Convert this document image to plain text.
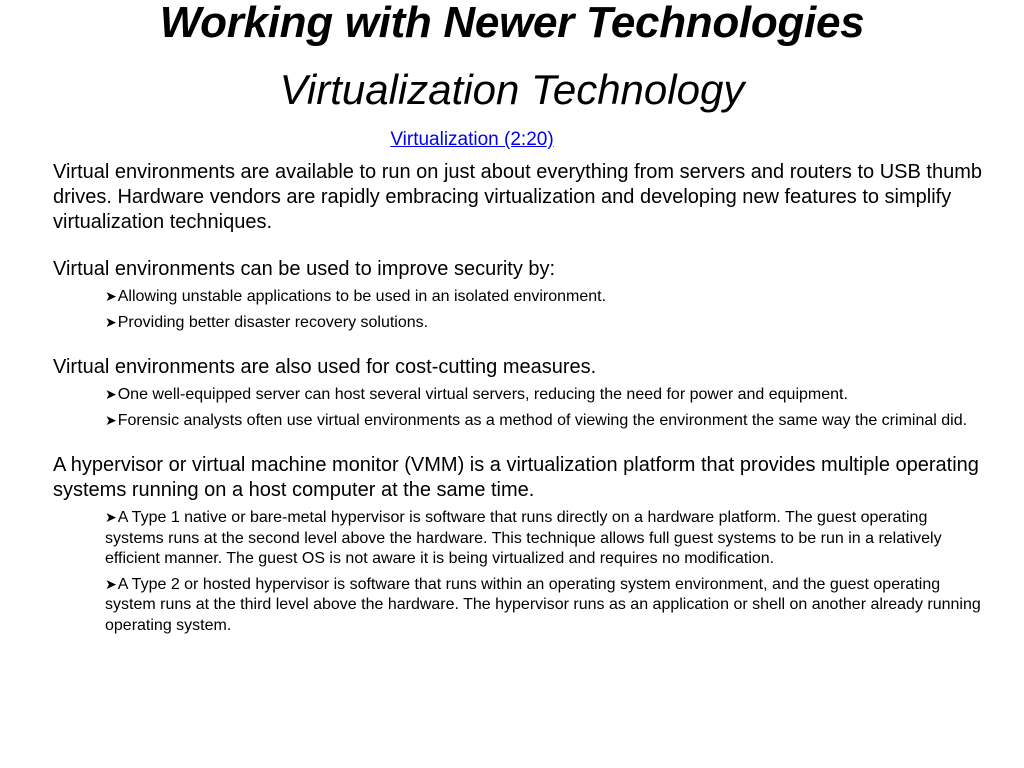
Working with Newer Technologies
Virtualization Technology
Virtualization (2:20)

Virtual environments are available to run on just about everything from servers and routers to USB thumb drives. Hardware vendors are rapidly embracing virtualization and developing new features to simplify virtualization techniques.

Virtual environments can be used to improve security by:

➤Allowing unstable applications to be used in an isolated environment.
➤Providing better disaster recovery solutions.

Virtual environments are also used for cost-cutting measures.

➤One well-equipped server can host several virtual servers, reducing the need for power and equipment.
➤Forensic analysts often use virtual environments as a method of viewing the environment the same way the criminal did.

A hypervisor or virtual machine monitor (VMM) is a virtualization platform that provides multiple operating systems running on a host computer at the same time.

➤A Type 1 native or bare-metal hypervisor is software that runs directly on a hardware platform. The guest operating systems runs at the second level above the hardware. This technique allows full guest systems to be run in a relatively efficient manner. The guest OS is not aware it is being virtualized and requires no modification.
➤A Type 2 or hosted hypervisor is software that runs within an operating system environment, and the guest operating system runs at the third level above the hardware. The hypervisor runs as an application or shell on another already running operating system.
